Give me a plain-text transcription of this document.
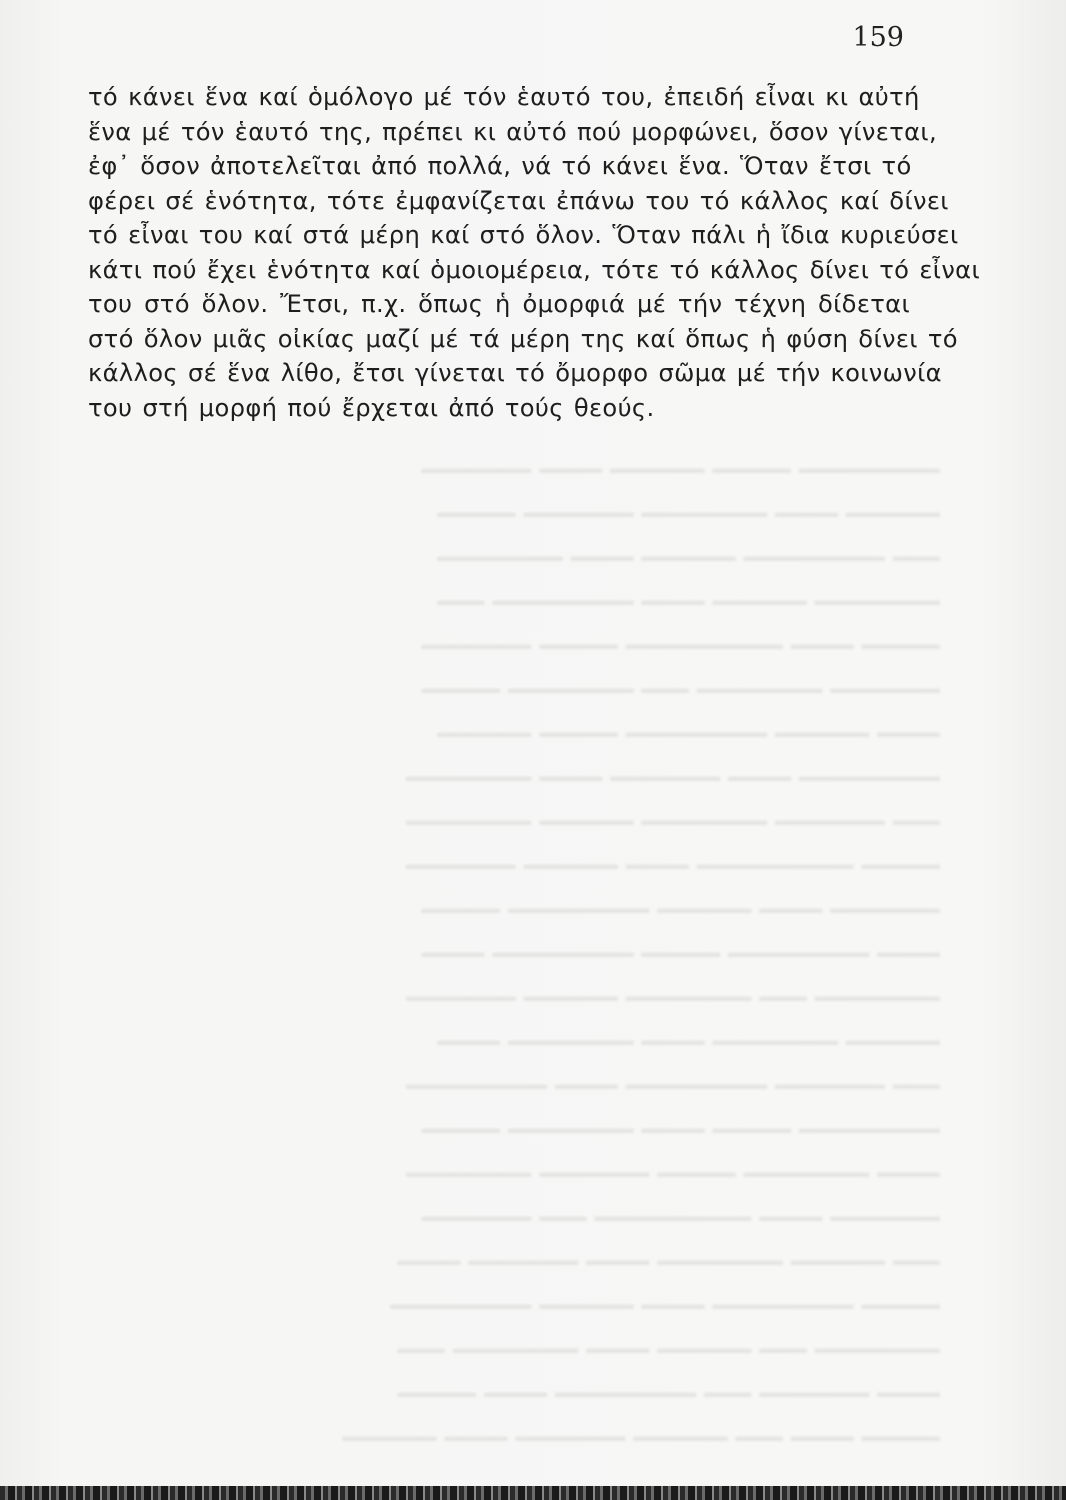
━━━━━ ━━━━ ━━━ ━━━━━━ ━━━━━━━ ━━━━ ━━━━━━
━━━━ ━━━━━━━ ━━━ ━━━━━━━━━ ━━━━ ━━━━━
━━━━━━━━ ━━━ ━━━━━━ ━━━━ ━━━━━━━━ ━━━
━━━━━ ━━━━━━━━━ ━━━━ ━━━━━━ ━━━━━━━━━
━━━ ━━━━━━ ━━━━━━━━ ━━━━ ━━━━━━━ ━━━━
━━━━━━━ ━━━━ ━━━━━━━━━━ ━━━ ━━━━━━━
━━━━ ━━━━━━━━ ━━━━━ ━━━━━━━ ━━━━━━━━
━━━━━━━━━ ━━━━━ ━━━━ ━━━━━━━━ ━━━━━
━━━ ━━━━━━━ ━━━━━━━━━ ━━━━ ━━━━━━━━━
━━━━━━ ━━━━━━━━ ━━━━ ━━━━━━━━ ━━━━
━━━━━━━━ ━━━ ━━━━━━━━ ━━━━━━ ━━━━━━━
━━━━ ━━━━━━━━━ ━━━━━ ━━━━━━━━━ ━━━━
━━━━━━━ ━━━━ ━━━━━━ ━━━━━━━━━ ━━━━━
━━━━━ ━━━━━━━━━━ ━━━━ ━━━━━━ ━━━━━━━
━━━ ━━━━━━━ ━━━━━━━━ ━━━━━━ ━━━━━━━━
━━━━━━━━━ ━━━━ ━━━━━━━ ━━━━ ━━━━━━━━
━━━━ ━━━━━━ ━━━━━━━━━ ━━━━━ ━━━━━━
━━━━━━━ ━━━━━━━━ ━━━ ━━━━━━━━ ━━━━━
━━━━━ ━━━━ ━━━━━━━━━━ ━━━━━ ━━━━━━━
━━━━━━━━ ━━━━━━ ━━━━ ━━━━━━━━━ ━━━
━━━ ━━━━━━━━━ ━━━━━━ ━━━━ ━━━━━━━━
━━━━━━ ━━━━ ━━━━━━━━ ━━━━━━━ ━━━━━
━━━━━━━━━ ━━━━━ ━━━━━━ ━━━━ ━━━━━━━
159
τό κάνει ἕνα καί ὁμόλογο μέ τόν ἑαυτό του, ἐπειδή εἶναι κι αὐτή
ἕνα μέ τόν ἑαυτό της, πρέπει κι αὐτό πού μορφώνει, ὅσον γίνεται,
ἐφ᾽ ὅσον ἀποτελεῖται ἀπό πολλά, νά τό κάνει ἕνα. Ὅταν ἔτσι τό
φέρει σέ ἑνότητα, τότε ἐμφανίζεται ἐπάνω του τό κάλλος καί δίνει
τό εἶναι του καί στά μέρη καί στό ὅλον. Ὅταν πάλι ἡ ἴδια κυριεύσει
κάτι πού ἔχει ἑνότητα καί ὁμοιομέρεια, τότε τό κάλλος δίνει τό εἶναι
του στό ὅλον. Ἔτσι, π.χ. ὅπως ἡ ὀμορφιά μέ τήν τέχνη δίδεται
στό ὅλον μιᾶς οἰκίας μαζί μέ τά μέρη της καί ὅπως ἡ φύση δίνει τό
κάλλος σέ ἕνα λίθο, ἔτσι γίνεται τό ὄμορφο σῶμα μέ τήν κοινωνία
του στή μορφή πού ἔρχεται ἀπό τούς θεούς.
